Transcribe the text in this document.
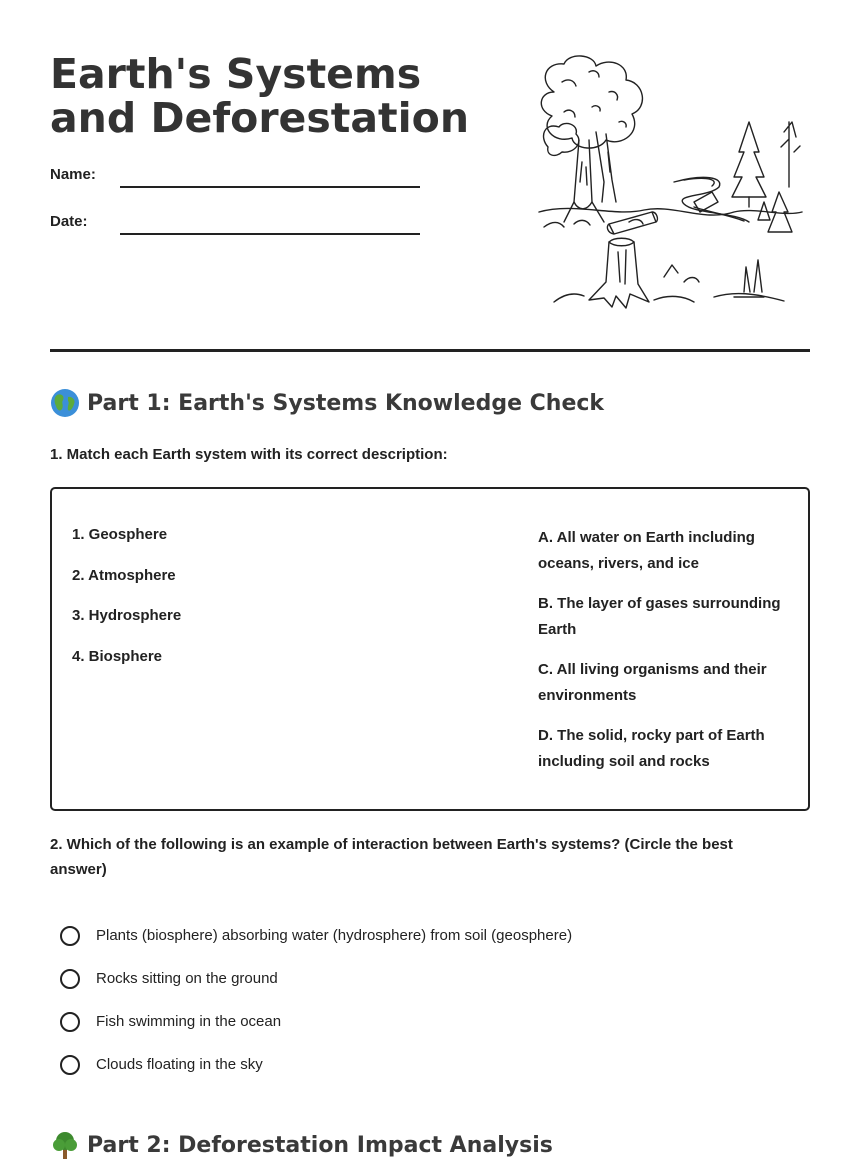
Earth's Systems and Deforestation
Name:
Date:
Part 1: Earth's Systems Knowledge Check

1. Match each Earth system with its correct description:

1. Geosphere
2. Atmosphere
3. Hydrosphere
4. Biosphere
A. All water on Earth including oceans, rivers, and ice
B. The layer of gases surrounding Earth
C. All living organisms and their environments
D. The solid, rocky part of Earth including soil and rocks

2. Which of the following is an example of interaction between Earth's systems? (Circle the best answer)

Plants (biosphere) absorbing water (hydrosphere) from soil (geosphere)
Rocks sitting on the ground
Fish swimming in the ocean
Clouds floating in the sky
Part 2: Deforestation Impact Analysis
